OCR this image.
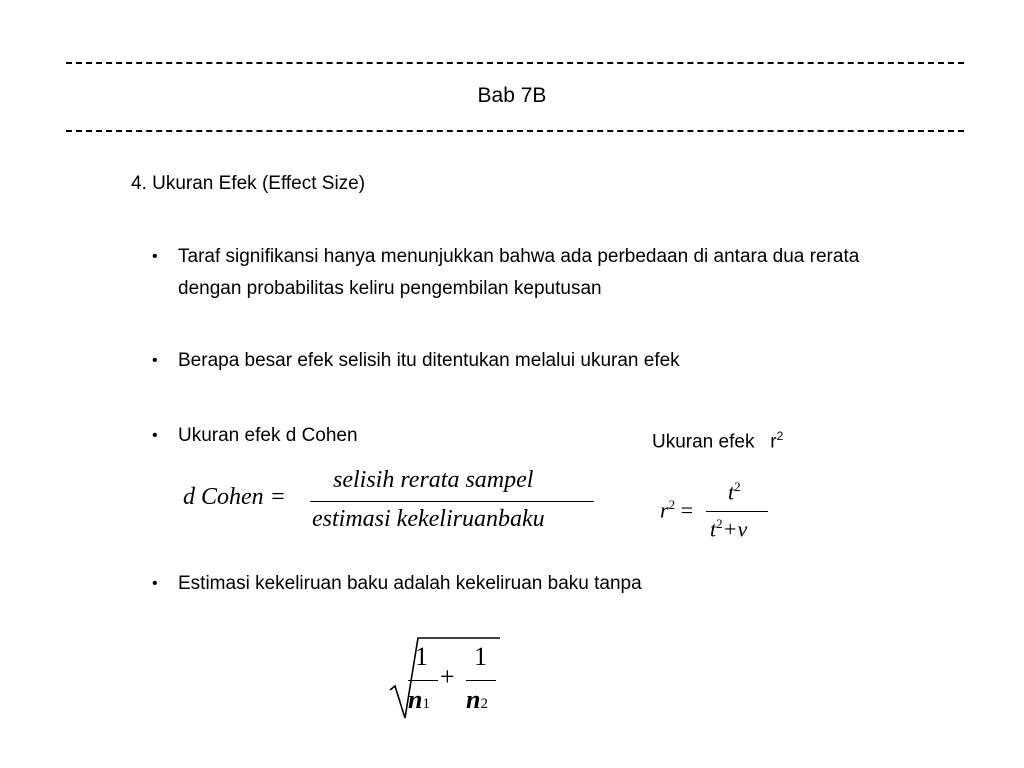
Bab 7B
4. Ukuran Efek (Effect Size)
• Taraf signifikansi hanya menunjukkan bahwa ada perbedaan di antara dua rerata dengan probabilitas keliru pengembilan keputusan
• Berapa besar efek selisih itu ditentukan melalui ukuran efek
• Ukuran efek d Cohen	Ukuran efek $r^2$
d Cohen =
selisih rerata sampel
estimasi kekeliruanbaku	$r^2$ =
$t^2$
$t^2+\nu$
• Estimasi kekeliruan baku adalah kekeliruan baku tanpa
1
n1
+
1
n2
